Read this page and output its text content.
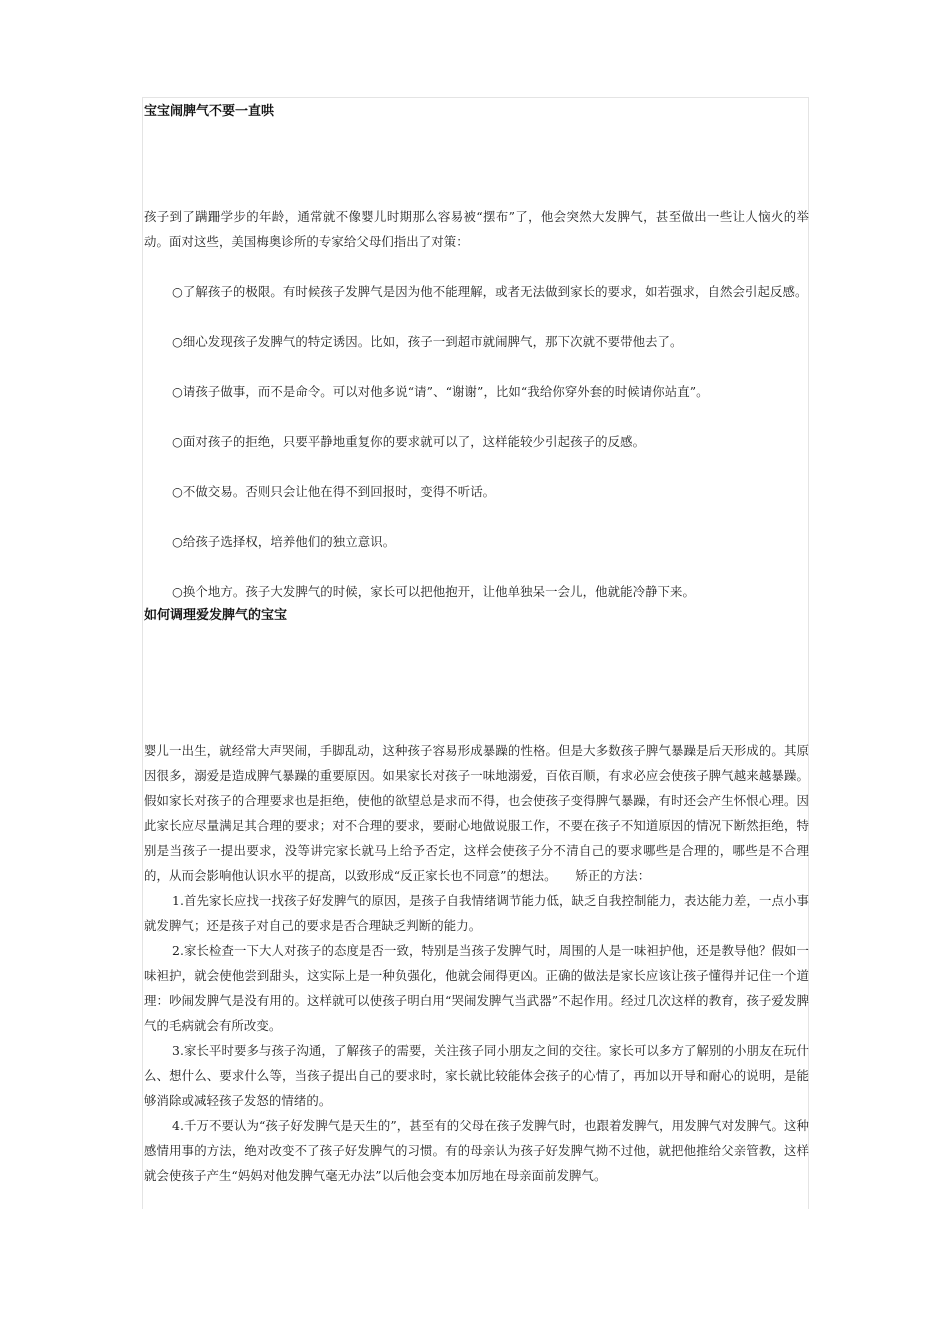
宝宝闹脾气不要一直哄

孩子到了蹒跚学步的年龄，通常就不像婴儿时期那么容易被“摆布”了，他会突然大发脾气，甚至做出一些让人恼火的举动。面对这些，美国梅奥诊所的专家给父母们指出了对策：

○了解孩子的极限。有时候孩子发脾气是因为他不能理解，或者无法做到家长的要求，如若强求，自然会引起反感。

○细心发现孩子发脾气的特定诱因。比如，孩子一到超市就闹脾气，那下次就不要带他去了。

○请孩子做事，而不是命令。可以对他多说“请”、“谢谢”，比如“我给你穿外套的时候请你站直”。

○面对孩子的拒绝，只要平静地重复你的要求就可以了，这样能较少引起孩子的反感。

○不做交易。否则只会让他在得不到回报时，变得不听话。

○给孩子选择权，培养他们的独立意识。

○换个地方。孩子大发脾气的时候，家长可以把他抱开，让他单独呆一会儿，他就能冷静下来。

如何调理爱发脾气的宝宝

婴儿一出生，就经常大声哭闹，手脚乱动，这种孩子容易形成暴躁的性格。但是大多数孩子脾气暴躁是后天形成的。其原因很多，溺爱是造成脾气暴躁的重要原因。如果家长对孩子一味地溺爱，百依百顺，有求必应会使孩子脾气越来越暴躁。假如家长对孩子的合理要求也是拒绝，使他的欲望总是求而不得，也会使孩子变得脾气暴躁，有时还会产生怀恨心理。因此家长应尽量满足其合理的要求；对不合理的要求，要耐心地做说服工作，不要在孩子不知道原因的情况下断然拒绝，特别是当孩子一提出要求，没等讲完家长就马上给予否定，这样会使孩子分不清自己的要求哪些是合理的，哪些是不合理的，从而会影响他认识水平的提高，以致形成“反正家长也不同意”的想法。　　矫正的方法：

1.首先家长应找一找孩子好发脾气的原因，是孩子自我情绪调节能力低，缺乏自我控制能力，表达能力差，一点小事就发脾气；还是孩子对自己的要求是否合理缺乏判断的能力。

2.家长检查一下大人对孩子的态度是否一致，特别是当孩子发脾气时，周围的人是一味袒护他，还是教导他？假如一味袒护，就会使他尝到甜头，这实际上是一种负强化，他就会闹得更凶。正确的做法是家长应该让孩子懂得并记住一个道理：吵闹发脾气是没有用的。这样就可以使孩子明白用“哭闹发脾气当武器”不起作用。经过几次这样的教育，孩子爱发脾气的毛病就会有所改变。

3.家长平时要多与孩子沟通，了解孩子的需要，关注孩子同小朋友之间的交往。家长可以多方了解别的小朋友在玩什么、想什么、要求什么等，当孩子提出自己的要求时，家长就比较能体会孩子的心情了，再加以开导和耐心的说明，是能够消除或减轻孩子发怒的情绪的。

4.千万不要认为“孩子好发脾气是天生的”，甚至有的父母在孩子发脾气时，也跟着发脾气，用发脾气对发脾气。这种感情用事的方法，绝对改变不了孩子好发脾气的习惯。有的母亲认为孩子好发脾气拗不过他，就把他推给父亲管教，这样就会使孩子产生“妈妈对他发脾气毫无办法”以后他会变本加厉地在母亲面前发脾气。
